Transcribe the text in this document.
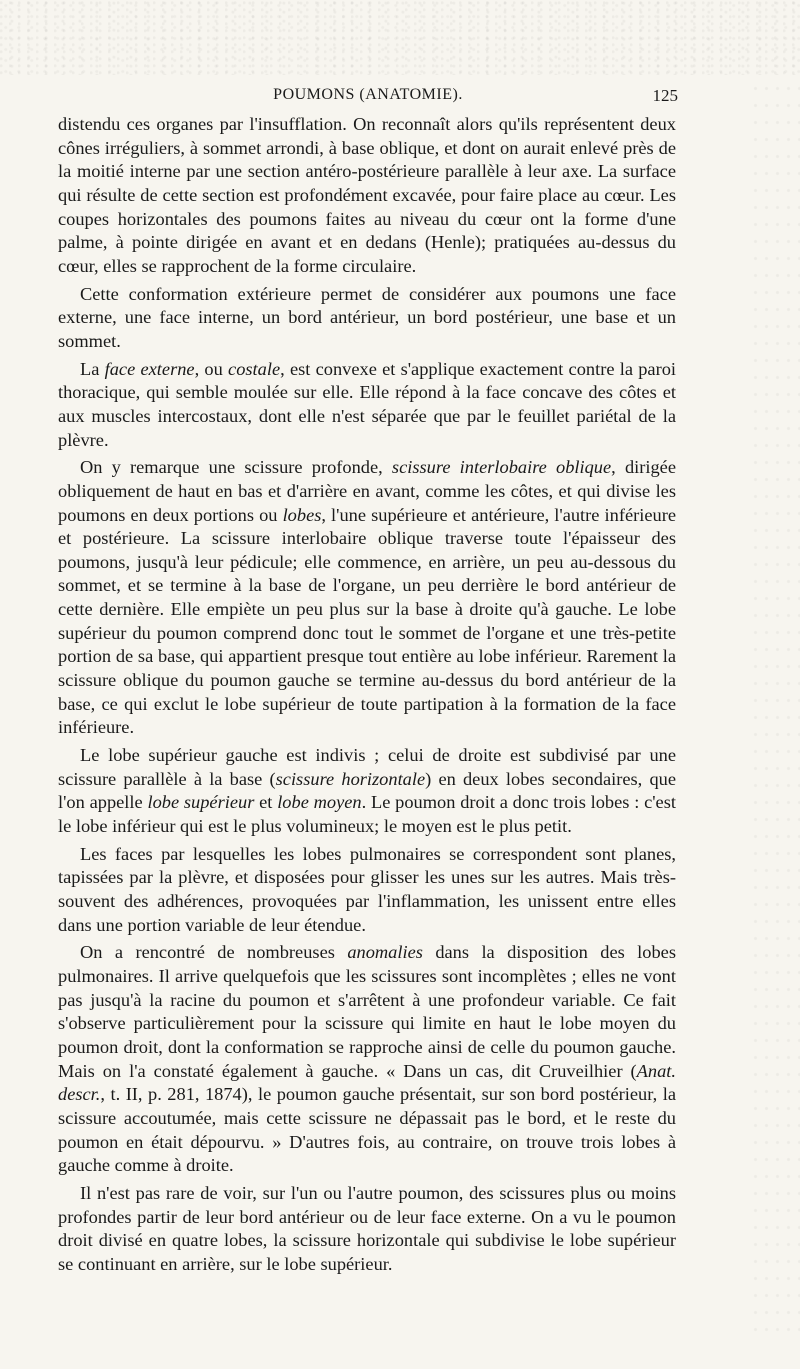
POUMONS (ANATOMIE).	125

distendu ces organes par l'insufflation. On reconnaît alors qu'ils représentent deux cônes irréguliers, à sommet arrondi, à base oblique, et dont on aurait enlevé près de la moitié interne par une section antéro-postérieure parallèle à leur axe. La surface qui résulte de cette section est profondément excavée, pour faire place au cœur. Les coupes horizontales des poumons faites au niveau du cœur ont la forme d'une palme, à pointe dirigée en avant et en dedans (Henle); pratiquées au-dessus du cœur, elles se rapprochent de la forme circulaire.

Cette conformation extérieure permet de considérer aux poumons une face externe, une face interne, un bord antérieur, un bord postérieur, une base et un sommet.

La face externe, ou costale, est convexe et s'applique exactement contre la paroi thoracique, qui semble moulée sur elle. Elle répond à la face concave des côtes et aux muscles intercostaux, dont elle n'est séparée que par le feuillet pariétal de la plèvre.

On y remarque une scissure profonde, scissure interlobaire oblique, dirigée obliquement de haut en bas et d'arrière en avant, comme les côtes, et qui divise les poumons en deux portions ou lobes, l'une supérieure et antérieure, l'autre inférieure et postérieure. La scissure interlobaire oblique traverse toute l'épaisseur des poumons, jusqu'à leur pédicule; elle commence, en arrière, un peu au-dessous du sommet, et se termine à la base de l'organe, un peu derrière le bord antérieur de cette dernière. Elle empiète un peu plus sur la base à droite qu'à gauche. Le lobe supérieur du poumon comprend donc tout le sommet de l'organe et une très-petite portion de sa base, qui appartient presque tout entière au lobe inférieur. Rarement la scissure oblique du poumon gauche se termine au-dessus du bord antérieur de la base, ce qui exclut le lobe supérieur de toute partipation à la formation de la face inférieure.

Le lobe supérieur gauche est indivis ; celui de droite est subdivisé par une scissure parallèle à la base (scissure horizontale) en deux lobes secondaires, que l'on appelle lobe supérieur et lobe moyen. Le poumon droit a donc trois lobes : c'est le lobe inférieur qui est le plus volumineux; le moyen est le plus petit.

Les faces par lesquelles les lobes pulmonaires se correspondent sont planes, tapissées par la plèvre, et disposées pour glisser les unes sur les autres. Mais très-souvent des adhérences, provoquées par l'inflammation, les unissent entre elles dans une portion variable de leur étendue.

On a rencontré de nombreuses anomalies dans la disposition des lobes pulmonaires. Il arrive quelquefois que les scissures sont incomplètes ; elles ne vont pas jusqu'à la racine du poumon et s'arrêtent à une profondeur variable. Ce fait s'observe particulièrement pour la scissure qui limite en haut le lobe moyen du poumon droit, dont la conformation se rapproche ainsi de celle du poumon gauche. Mais on l'a constaté également à gauche. « Dans un cas, dit Cruveilhier (Anat. descr., t. II, p. 281, 1874), le poumon gauche présentait, sur son bord postérieur, la scissure accoutumée, mais cette scissure ne dépassait pas le bord, et le reste du poumon en était dépourvu. » D'autres fois, au contraire, on trouve trois lobes à gauche comme à droite.

Il n'est pas rare de voir, sur l'un ou l'autre poumon, des scissures plus ou moins profondes partir de leur bord antérieur ou de leur face externe. On a vu le poumon droit divisé en quatre lobes, la scissure horizontale qui subdivise le lobe supérieur se continuant en arrière, sur le lobe supérieur.
